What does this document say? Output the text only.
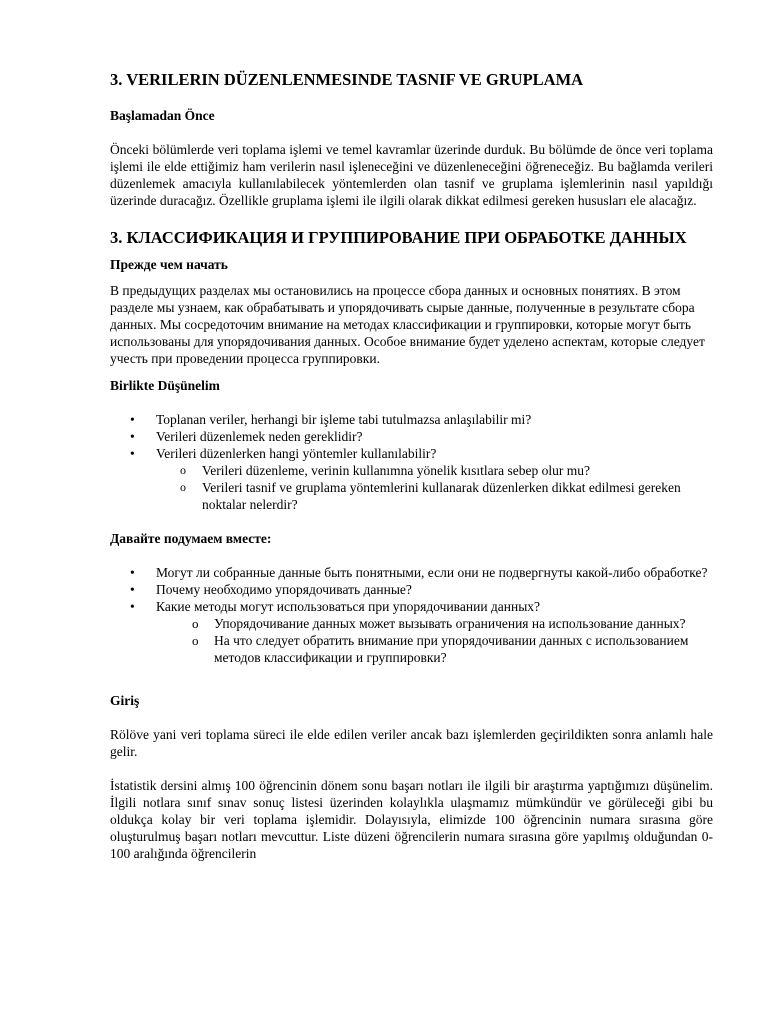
3. VERILERIN DÜZENLENMESINDE TASNIF VE GRUPLAMA
Başlamadan Önce

Önceki bölümlerde veri toplama işlemi ve temel kavramlar üzerinde durduk. Bu bölümde de önce veri toplama işlemi ile elde ettiğimiz ham verilerin nasıl işleneceğini ve düzenleneceğini öğreneceğiz. Bu bağlamda verileri düzenlemek amacıyla kullanılabilecek yöntemlerden olan tasnif ve gruplama işlemlerinin nasıl yapıldığı üzerinde duracağız. Özellikle gruplama işlemi ile ilgili olarak dikkat edilmesi gereken hususları ele alacağız.

3. КЛАССИФИКАЦИЯ И ГРУППИРОВАНИЕ ПРИ ОБРАБОТКЕ ДАННЫХ
Прежде чем начать

В предыдущих разделах мы остановились на процессе сбора данных и основных понятиях. В этом разделе мы узнаем, как обрабатывать и упорядочивать сырые данные, полученные в результате сбора данных. Мы сосредоточим внимание на методах классификации и группировки, которые могут быть использованы для упорядочивания данных. Особое внимание будет уделено аспектам, которые следует учесть при проведении процесса группировки.

Birlikte Düşünelim
• Toplanan veriler, herhangi bir işleme tabi tutulmazsa anlaşılabilir mi?
• Verileri düzenlemek neden gereklidir?
• Verileri düzenlerken hangi yöntemler kullanılabilir?
o Verileri düzenleme, verinin kullanımna yönelik kısıtlara sebep olur mu?
o Verileri tasnif ve gruplama yöntemlerini kullanarak düzenlerken dikkat edilmesi gereken noktalar nelerdir?
Давайте подумаем вместе:
• Могут ли собранные данные быть понятными, если они не подвергнуты какой-либо обработке?
• Почему необходимо упорядочивать данные?
• Какие методы могут использоваться при упорядочивании данных?
o Упорядочивание данных может вызывать ограничения на использование данных?
o На что следует обратить внимание при упорядочивании данных с использованием методов классификации и группировки?
Giriş

Rölöve yani veri toplama süreci ile elde edilen veriler ancak bazı işlemlerden geçirildikten sonra anlamlı hale gelir.

İstatistik dersini almış 100 öğrencinin dönem sonu başarı notları ile ilgili bir araştırma yaptığımızı düşünelim. İlgili notlara sınıf sınav sonuç listesi üzerinden kolaylıkla ulaşmamız mümkündür ve görüleceği gibi bu oldukça kolay bir veri toplama işlemidir. Dolayısıyla, elimizde 100 öğrencinin numara sırasına göre oluşturulmuş başarı notları mevcuttur. Liste düzeni öğrencilerin numara sırasına göre yapılmış olduğundan 0-100 aralığında öğrencilerin
